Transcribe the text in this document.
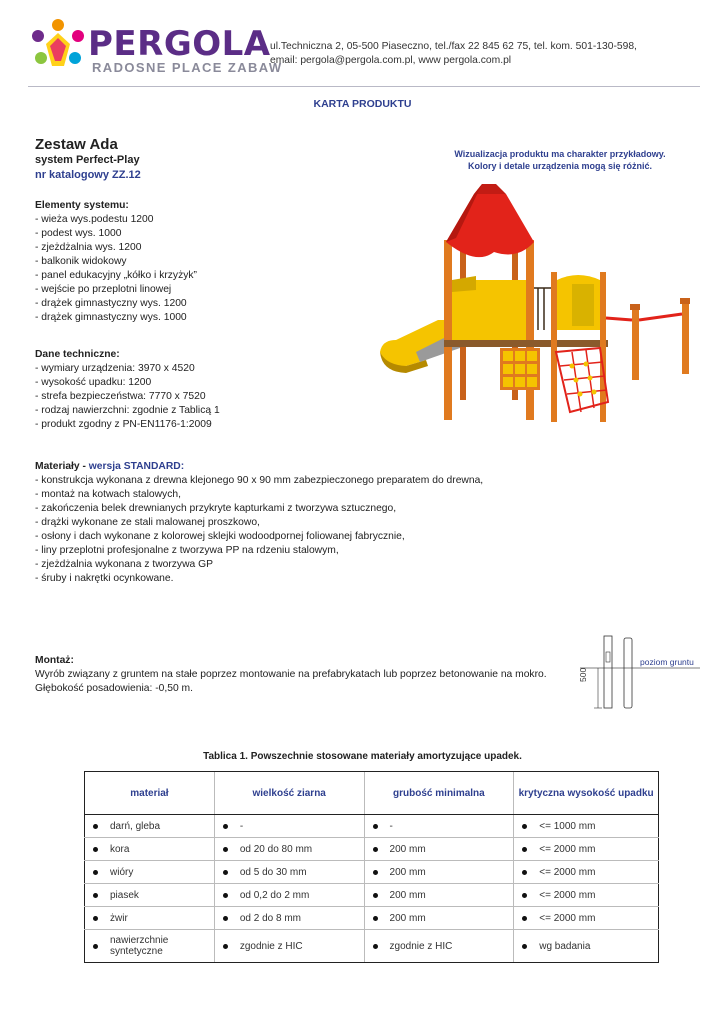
PERGOLA
RADOSNE PLACE ZABAW
ul.Techniczna 2, 05-500 Piaseczno, tel./fax 22 845 62 75, tel. kom. 501-130-598,
email: pergola@pergola.com.pl, www pergola.com.pl
KARTA PRODUKTU
Zestaw Ada
system Perfect-Play
nr katalogowy ZZ.12
Wizualizacja produktu ma charakter przykładowy.
Kolory i detale urządzenia mogą się różnić.
Elementy systemu:
- wieża wys.podestu 1200
- podest wys. 1000
- zjeżdżalnia wys. 1200
- balkonik widokowy
- panel edukacyjny „kółko i krzyżyk”
- wejście po przeplotni linowej
- drążek gimnastyczny wys. 1200
- drążek gimnastyczny wys. 1000
Dane techniczne:
- wymiary urządzenia: 3970 x 4520
- wysokość upadku: 1200
- strefa bezpieczeństwa: 7770 x 7520
- rodzaj nawierzchni: zgodnie z Tablicą 1
- produkt zgodny z PN-EN1176-1:2009
Materiały - wersja STANDARD:
- konstrukcja wykonana z drewna klejonego 90 x 90 mm zabezpieczonego preparatem do drewna,
- montaż na kotwach stalowych,
- zakończenia belek drewnianych przykryte kapturkami z tworzywa sztucznego,
- drążki wykonane ze stali malowanej proszkowo,
- osłony i dach wykonane z kolorowej sklejki wodoodpornej foliowanej fabrycznie,
- liny przeplotni profesjonalne z tworzywa PP na rdzeniu stalowym,
- zjeżdżalnia wykonana z tworzywa GP
- śruby i nakrętki ocynkowane.
Montaż:
Wyrób związany z gruntem na stałe poprzez montowanie na prefabrykatach lub poprzez betonowanie na mokro.
Głębokość posadowienia: -0,50 m.
poziom gruntu
500
Tablica 1. Powszechnie stosowane materiały amortyzujące upadek.
materiał	wielkość ziarna	grubość minimalna	krytyczna wysokość upadku

darń, gleba	-	-	<= 1000 mm

kora	od 20 do 80 mm	200 mm	<= 2000 mm

wióry	od 5 do 30 mm	200 mm	<= 2000 mm

piasek	od 0,2 do 2 mm	200 mm	<= 2000 mm

żwir	od 2 do 8 mm	200 mm	<= 2000 mm

nawierzchnie syntetyczne	zgodnie z HIC	zgodnie z HIC	wg badania
